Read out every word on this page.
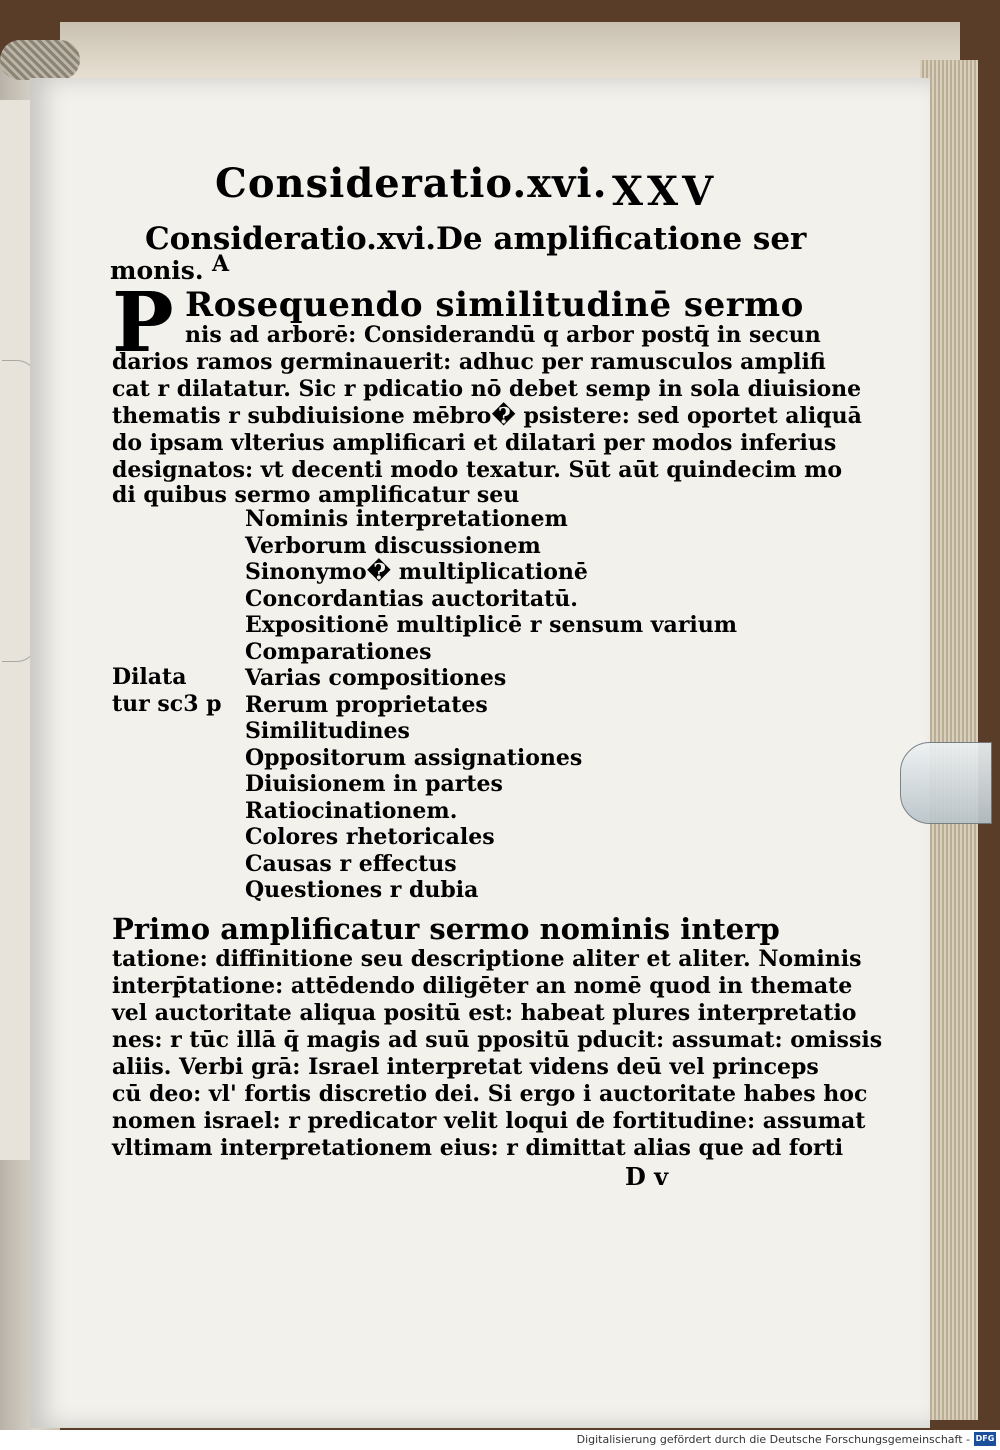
Consideratio.xvi. XXV
Consideratio.xvi.De amplificatione ser
monis. A
P Rosequendo similitudinē sermo
nis ad arborē: Considerandū q arbor postq̄ in secun
darios ramos germinauerit: adhuc per ramusculos amplifi
cat r dilatatur. Sic r pdicatio nō debet semp in sola diuisione
thematis r subdiuisione mēbro� psistere: sed oportet aliquā
do ipsam vlterius amplificari et dilatari per modos inferius
designatos: vt decenti modo texatur. Sūt aūt quindecim mo
di quibus sermo amplificatur seu
Nominis interpretationem
Verborum discussionem
Sinonymo� multiplicationē
Concordantias auctoritatū.
Expositionē multiplicē r sensum varium
Comparationes
Varias compositiones
Rerum proprietates
Similitudines
Oppositorum assignationes
Diuisionem in partes
Ratiocinationem.
Colores rhetoricales
Causas r effectus
Questiones r dubia
Dilata
tur sc3 p
Primo amplificatur sermo nominis interp
tatione: diffinitione seu descriptione aliter et aliter. Nominis
interp̄tatione: attēdendo diligēter an nomē quod in themate
vel auctoritate aliqua positū est: habeat plures interpretatio
nes: r tūc illā q̄ magis ad suū ppositū pducit: assumat: omissis
aliis. Verbi grā: Israel interpretat videns deū vel princeps
cū deo: vl' fortis discretio dei. Si ergo i auctoritate habes hoc
nomen israel: r predicator velit loqui de fortitudine: assumat
vltimam interpretationem eius: r dimittat alias que ad forti
D v
Digitalisierung gefördert durch die Deutsche Forschungsgemeinschaft - DFG
